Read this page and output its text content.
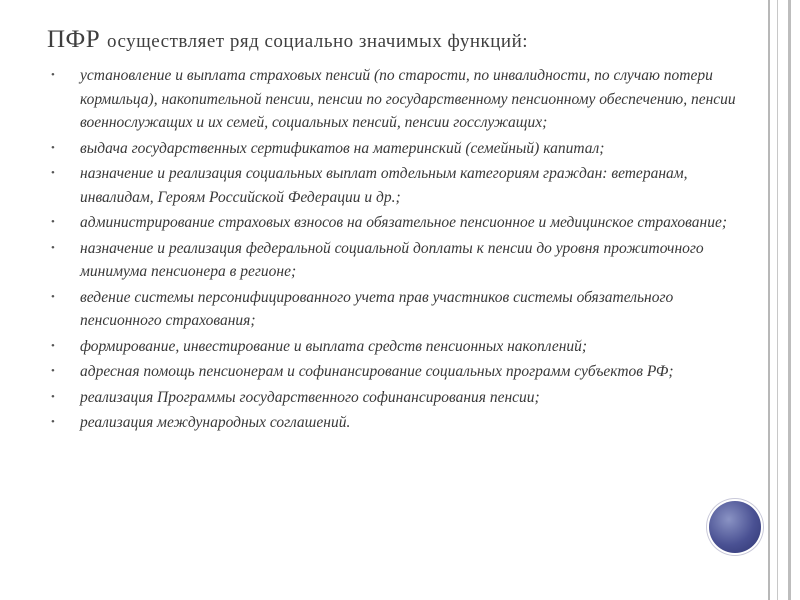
ПФР осуществляет ряд социально значимых функций:
• установление и выплата страховых пенсий (по старости, по инвалидности, по случаю потери кормильца), накопительной пенсии, пенсии по государственному пенсионному обеспечению, пенсии военнослужащих и их семей, социальных пенсий, пенсии госслужащих;
• выдача государственных сертификатов на материнский (семейный) капитал;
• назначение и реализация социальных выплат отдельным категориям граждан: ветеранам, инвалидам, Героям Российской Федерации и др.;
• администрирование страховых взносов на обязательное пенсионное и медицинское страхование;
• назначение и реализация федеральной социальной доплаты к пенсии до уровня прожиточного минимума пенсионера в регионе;
• ведение системы персонифицированного учета прав участников системы обязательного пенсионного страхования;
• формирование, инвестирование и выплата средств пенсионных накоплений;
• адресная помощь пенсионерам и софинансирование социальных программ субъектов РФ;
• реализация Программы государственного софинансирования пенсии;
• реализация международных соглашений.
